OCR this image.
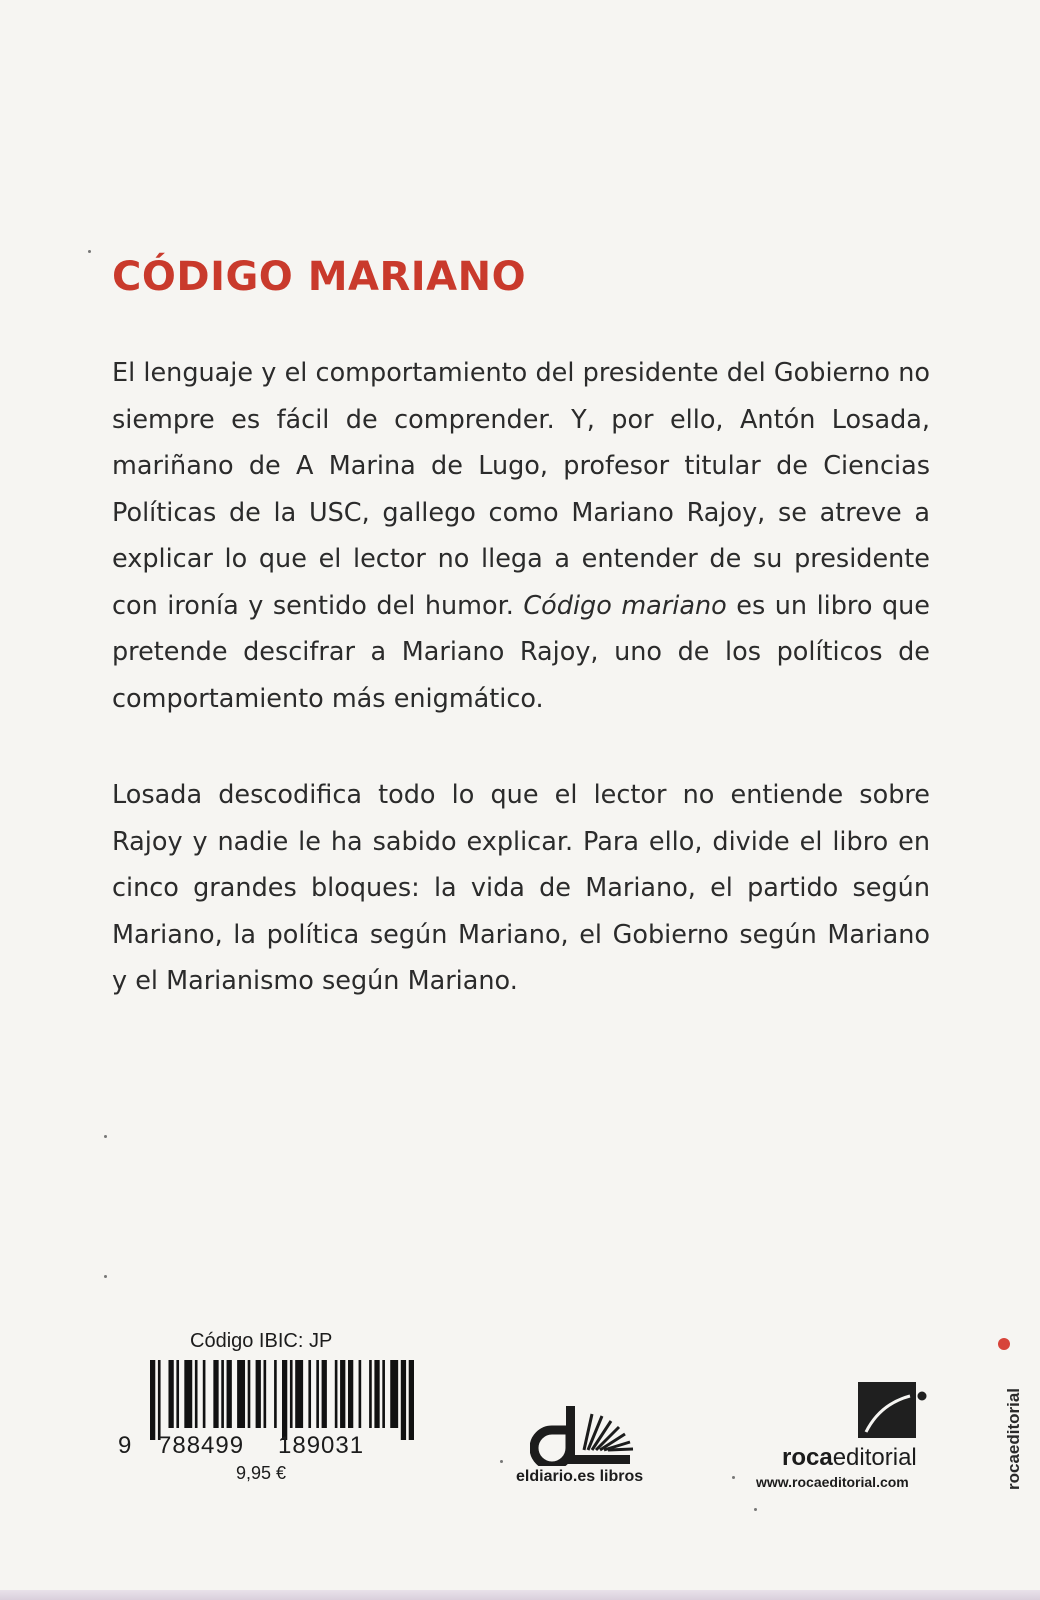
CÓDIGO MARIANO

El lenguaje y el comportamiento del presidente del Gobierno no siempre es fácil de comprender. Y, por ello, Antón Losada, mariñano de A Marina de Lugo, profesor titular de Ciencias Políticas de la USC, gallego como Mariano Rajoy, se atreve a explicar lo que el lector no llega a entender de su presidente con ironía y sentido del humor. Código mariano es un libro que pretende descifrar a Mariano Rajoy, uno de los políticos de comportamiento más enigmático.

Losada descodifica todo lo que el lector no entiende sobre Rajoy y nadie le ha sabido explicar. Para ello, divide el libro en cinco grandes bloques: la vida de Mariano, el partido según Mariano, la política según Mariano, el Gobierno según Mariano y el Marianismo según Mariano.

Código IBIC: JP
9 788499 189031
9,95 €	eldiario.es libros
rocaeditorial
www.rocaeditorial.com	rocaeditorial
